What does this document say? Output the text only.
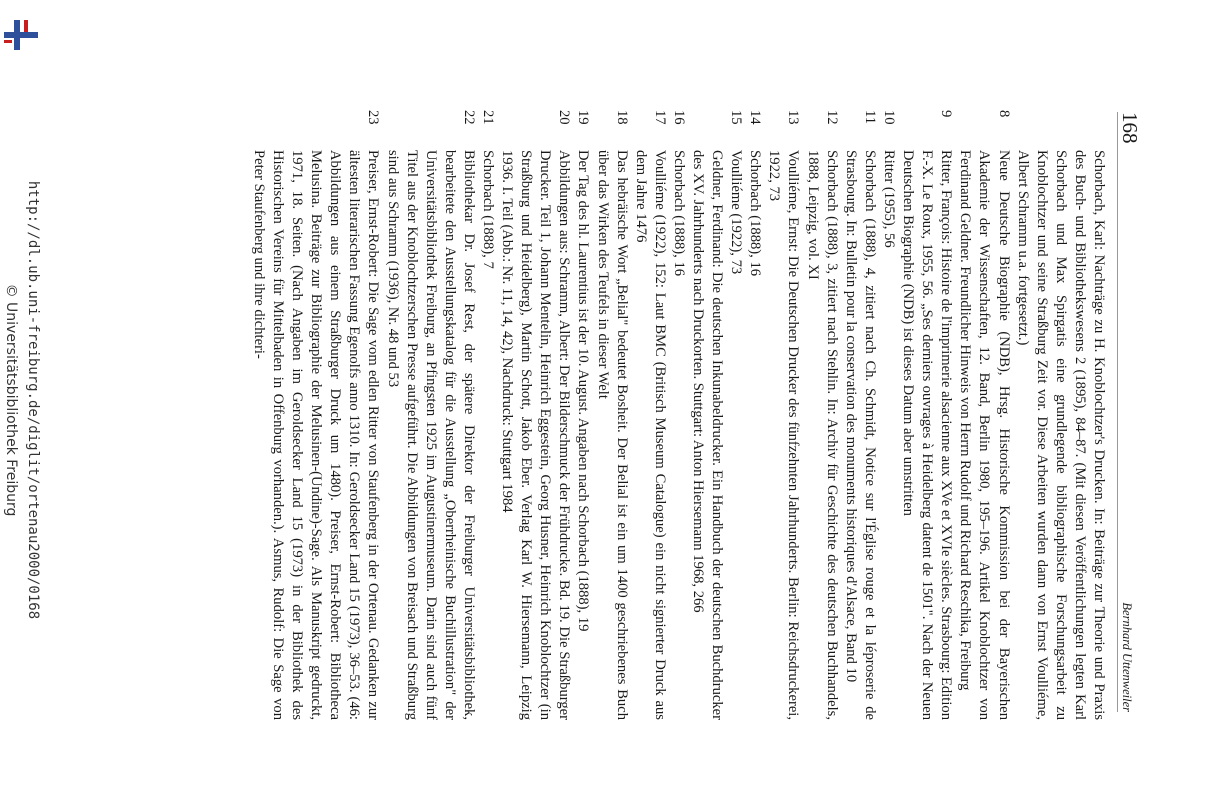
http://dl.ub.uni-freiburg.de/diglit/ortenau2000/0168
© Universitätsbibliothek Freiburg
168
Bernhard Uttenweiler
Schorbach, Karl: Nachträge zu H. Knoblochtzer's Drucken. In: Beiträge zur Theorie und Praxis des Buch- und Bibliothekswesens 2 (1895), 84–87. (Mit diesen Veröffentlichungen legten Karl Schorbach und Max Spirgatis eine grundlegende bibliographische Forschungsarbeit zu Knoblochtzer und seine Straßburg Zeit vor. Diese Arbeiten wurden dann von Ernst Voulliéme, Albert Schramm u.a. fortgesetzt.)
8
Neue Deutsche Biographie (NDB), Hrsg. Historische Kommission bei der Bayerischen Akademie der Wissenschaften, 12. Band, Berlin 1980, 195–196. Artikel Knoblochtzer von Ferdinand Geldner. Freundlicher Hinweis von Herrn Rudolf und Richard Reschika, Freiburg
9
Ritter, François: Histoire de l'imprimerie alsacienne aux XVe et XVIe siècles. Strasbourg: Edition F.-X. Le Roux, 1955, 56. „Ses derniers ouvrages à Heidelberg datent de 1501". Nach der Neuen Deutschen Biographie (NDB) ist dieses Datum aber umstritten
10
Ritter (1955), 56
11
Schorbach (1888), 4, zitiert nach Ch. Schmidt, Notice sur l'Église rouge et la léproserie de Strasbourg. In: Bulletin pour la conservation des monuments historiques d'Alsace, Band 10
12
Schorbach (1888), 3, zitiert nach Stehlin. In: Archiv für Geschichte des deutschen Buchhandels, 1888, Leipzig, vol. XI
13
Voulliéme, Ernst: Die Deutschen Drucker des fünfzehnten Jahrhunderts. Berlin: Reichsdruckerei, 1922, 73
14
Schorbach (1888), 16
15
Voulliéme (1922), 73
Geldner, Ferdinand: Die deutschen Inkunabeldrucker. Ein Handbuch der deutschen Buchdrucker des XV. Jahrhunderts nach Druckorten. Stuttgart: Anton Hiersemann 1968, 266
16
Schorbach (1888), 16
17
Voulliéme (1922), 152: Laut BMC (Britisch Museum Catalogue) ein nicht signierter Druck aus dem Jahre 1476
18
Das hebräische Wort „Belial" bedeutet Bosheit. Der Belial ist ein um 1400 geschriebenes Buch über das Wirken des Teufels in dieser Welt
19
Der Tag des hl. Laurentius ist der 10. August. Angaben nach Schorbach (1888), 19
20
Abbildungen aus: Schramm, Albert: Der Bilderschmuck der Frühdrucke. Bd. 19. Die Straßburger Drucker. Teil 1, Johann Mentelin, Heinrich Eggestein, Georg Husner, Heinrich Knoblochtzer (in Straßburg und Heidelberg), Martin Schott, Jakob Eber. Verlag Karl W. Hiersemann, Leipzig 1936. I. Teil (Abb.: Nr. 11, 14, 42), Nachdruck: Stuttgart 1984
21
Schorbach (1888), 7
22
Bibliothekar Dr. Josef Rest, der spätere Direktor der Freiburger Universitätsbibliothek, bearbeitete den Ausstellungskatalog für die Ausstellung „Oberrheinische Buchillustration" der Universitätsbibliothek Freiburg, an Pfingsten 1925 im Augustinermuseum. Darin sind auch fünf Titel aus der Knoblochtzerschen Presse aufgeführt. Die Abbildungen von Breisach und Straßburg sind aus Schramm (1936), Nr. 48 und 53
23
Preiser, Ernst-Robert: Die Sage vom edlen Ritter von Staufenberg in der Ortenau. Gedanken zur ältesten literarischen Fassung Egenolfs anno 1310. In: Geroldsecker Land 15 (1973), 36–53. (46: Abbildungen aus einem Straßburger Druck um 1480). Preiser, Ernst-Robert: Bibliotheca Melusina. Beiträge zur Bibliographie der Melusinen-(Undine)-Sage. Als Manuskript gedruckt, 1971, 18. Seiten. (Nach Angaben im Geroldsecker Land 15 (1973) in der Bibliothek des Historischen Vereins für Mittelbaden in Offenburg vorhanden.). Asmus, Rudolf: Die Sage von Peter Staufenberg und ihre dichteri-
